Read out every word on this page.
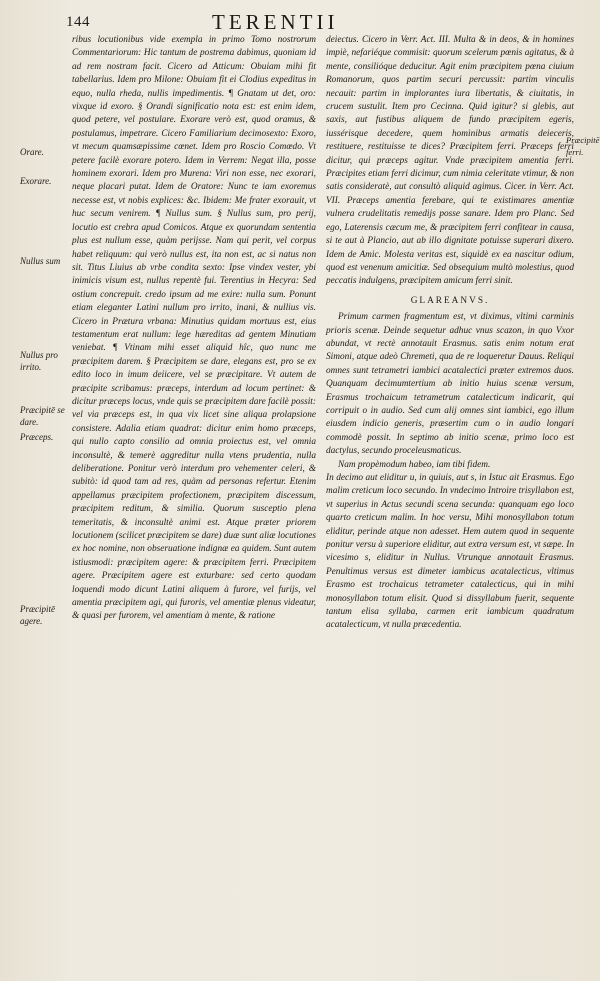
144	TERENTII
Orare.
Exorare.
Nullus sum
Nullus pro irrito.
Præcipitē se dare.
Præceps.
Præcipitē agere.
Præcipitē ferri.

ribus locutionibus vide exempla in primo Tomo nostrorum Commentariorum: Hic tantum de postrema dabimus, quoniam id ad rem nostram facit. Cicero ad Atticum: Obuiam mihi fit tabellarius. Idem pro Milone: Obuiam fit ei Clodius expeditus in equo, nulla rheda, nullis impedimentis. ¶ Gnatam ut det, oro: vixque id exoro. § Orandi significatio nota est: est enim idem, quod petere, vel postulare. Exorare verò est, quod oramus, & postulamus, impetrare. Cicero Familiarium decimosexto: Exoro, vt mecum quamsæpissime cœnet. Idem pro Roscio Comœdo. Vt petere facilè exorare potero. Idem in Verrem: Negat illa, posse hominem exorari. Idem pro Murena: Viri non esse, nec exorari, neque placari putat. Idem de Oratore: Nunc te iam exoremus necesse est, vt nobis explices: &c. Ibidem: Me frater exorauit, vt huc secum venirem. ¶ Nullus sum. § Nullus sum, pro perij, locutio est crebra apud Comicos. Atque ex quorundam sententia plus est nullum esse, quàm perijsse. Nam qui perit, vel corpus habet reliquum: qui verò nullus est, ita non est, ac si natus non sit. Titus Liuius ab vrbe condita sexto: Ipse vindex vester, ybi inimicis visum est, nullus repentè fui. Terentius in Hecyra: Sed ostium concrepuit. credo ipsum ad me exire: nulla sum. Ponunt etiam eleganter Latini nullum pro irrito, inani, & nullius vis. Cicero in Prætura vrbana: Minutius quidam mortuus est, eius testamentum erat nullum: lege hæreditas ad gentem Minutiam veniebat. ¶ Vtinam mihi esset aliquid hîc, quo nunc me præcipitem darem. § Præcipitem se dare, elegans est, pro se ex edito loco in imum deiicere, vel se præcipitare. Vt autem de præcipite scribamus: præceps, interdum ad locum pertinet: & dicitur præceps locus, vnde quis se præcipitem dare facilè possit: vel via præceps est, in qua vix licet sine aliqua prolapsione consistere. Adalia etiam quadrat: dicitur enim homo præceps, qui nullo capto consilio ad omnia proiectus est, vel omnia inconsultè, & temerè aggreditur nulla vtens prudentia, nulla deliberatione. Ponitur verò interdum pro vehementer celeri, & subitò: id quod tam ad res, quàm ad personas refertur. Etenim appellamus præcipitem profectionem, præcipitem discessum, præcipitem reditum, & similia. Quorum susceptio plena temeritatis, & inconsultè animi est. Atque præter priorem locutionem (scilicet præcipitem se dare) duæ sunt aliæ locutiones ex hoc nomine, non obseruatione indignæ ea quidem. Sunt autem istiusmodi: præcipitem agere: & præcipitem ferri. Præcipitem agere. Præcipitem agere est exturbare: sed certo quodam loquendi modo dicunt Latini aliquem à furore, vel furijs, vel amentia præcipitem agi, qui furoris, vel amentiæ plenus videatur, & quasi per furorem, vel amentiam à mente, & ratione

deiectus. Cicero in Verr. Act. III. Multa & in deos, & in homines impiè, nefariéque commisit: quorum scelerum pœnis agitatus, & à mente, consilióque deducitur. Agit enim præcipitem pœna ciuium Romanorum, quos partim securi percussit: partim vinculis necauit: partim in implorantes iura libertatis, & ciuitatis, in crucem sustulit. Item pro Cecinna. Quid igitur? si glebis, aut saxis, aut fustibus aliquem de fundo præcipitem egeris, iussérisque decedere, quem hominibus armatis deieceris, restituere, restituisse te dices? Præcipitem ferri. Præceps ferri dicitur, qui præceps agitur. Vnde præcipitem amentia ferri. Præcipites etiam ferri dicimur, cum nimia celeritate vtimur, & non satis consideratè, aut consultò aliquid agimus. Cicer. in Verr. Act. VII. Præceps amentia ferebare, qui te existimares amentiæ vulnera crudelitatis remedijs posse sanare. Idem pro Planc. Sed ego, Laterensis cæcum me, & præcipitem ferri confitear in causa, si te aut à Plancio, aut ab illo dignitate potuisse superari dixero. Idem de Amic. Molesta veritas est, siquidè ex ea nascitur odium, quod est venenum amicitiæ. Sed obsequium multò molestius, quod peccatis indulgens, præcipitem amicum ferri sinit.

GLAREANVS.

Primum carmen fragmentum est, vt diximus, vltimi carminis prioris scenæ. Deinde sequetur adhuc vnus scazon, in quo Vxor abundat, vt rectè annotauit Erasmus. satis enim notum erat Simoni, atque adeò Chremeti, qua de re loqueretur Dauus. Reliqui omnes sunt tetrametri iambici acatalectici præter extremos duos. Quanquam decimumtertium ab initio huius scenæ versum, Erasmus trochaicum tetrametrum catalecticum indicarit, qui corripuit o in audio. Sed cum alij omnes sint iambici, ego illum eiusdem indicio generis, præsertim cum o in audio longari commodè possit. In septimo ab initio scenæ, primo loco est dactylus, secundo proceleusmaticus.

Nam propèmodum habeo, iam tibi fidem.

In decimo aut eliditur u, in quiuis, aut s, in Istuc ait Erasmus. Ego malim creticum loco secundo. In vndecimo Introire trisyllabon est, vt superius in Actus secundi scena secunda: quanquam ego loco quarto creticum malim. In hoc versu, Mihi monosyllabon totum eliditur, perinde atque non adesset. Hem autem quod in sequente ponitur versu à superiore eliditur, aut extra versum est, vt sæpe. In vicesimo s, eliditur in Nullus. Vtrunque annotauit Erasmus. Penultimus versus est dimeter iambicus acatalecticus, vltimus Erasmo est trochaicus tetrameter catalecticus, qui in mihi monosyllabon totum elisit. Quod si dissyllabum fuerit, sequente tantum elisa syllaba, carmen erit iambicum quadratum acatalecticum, vt nulla præcedentia.
